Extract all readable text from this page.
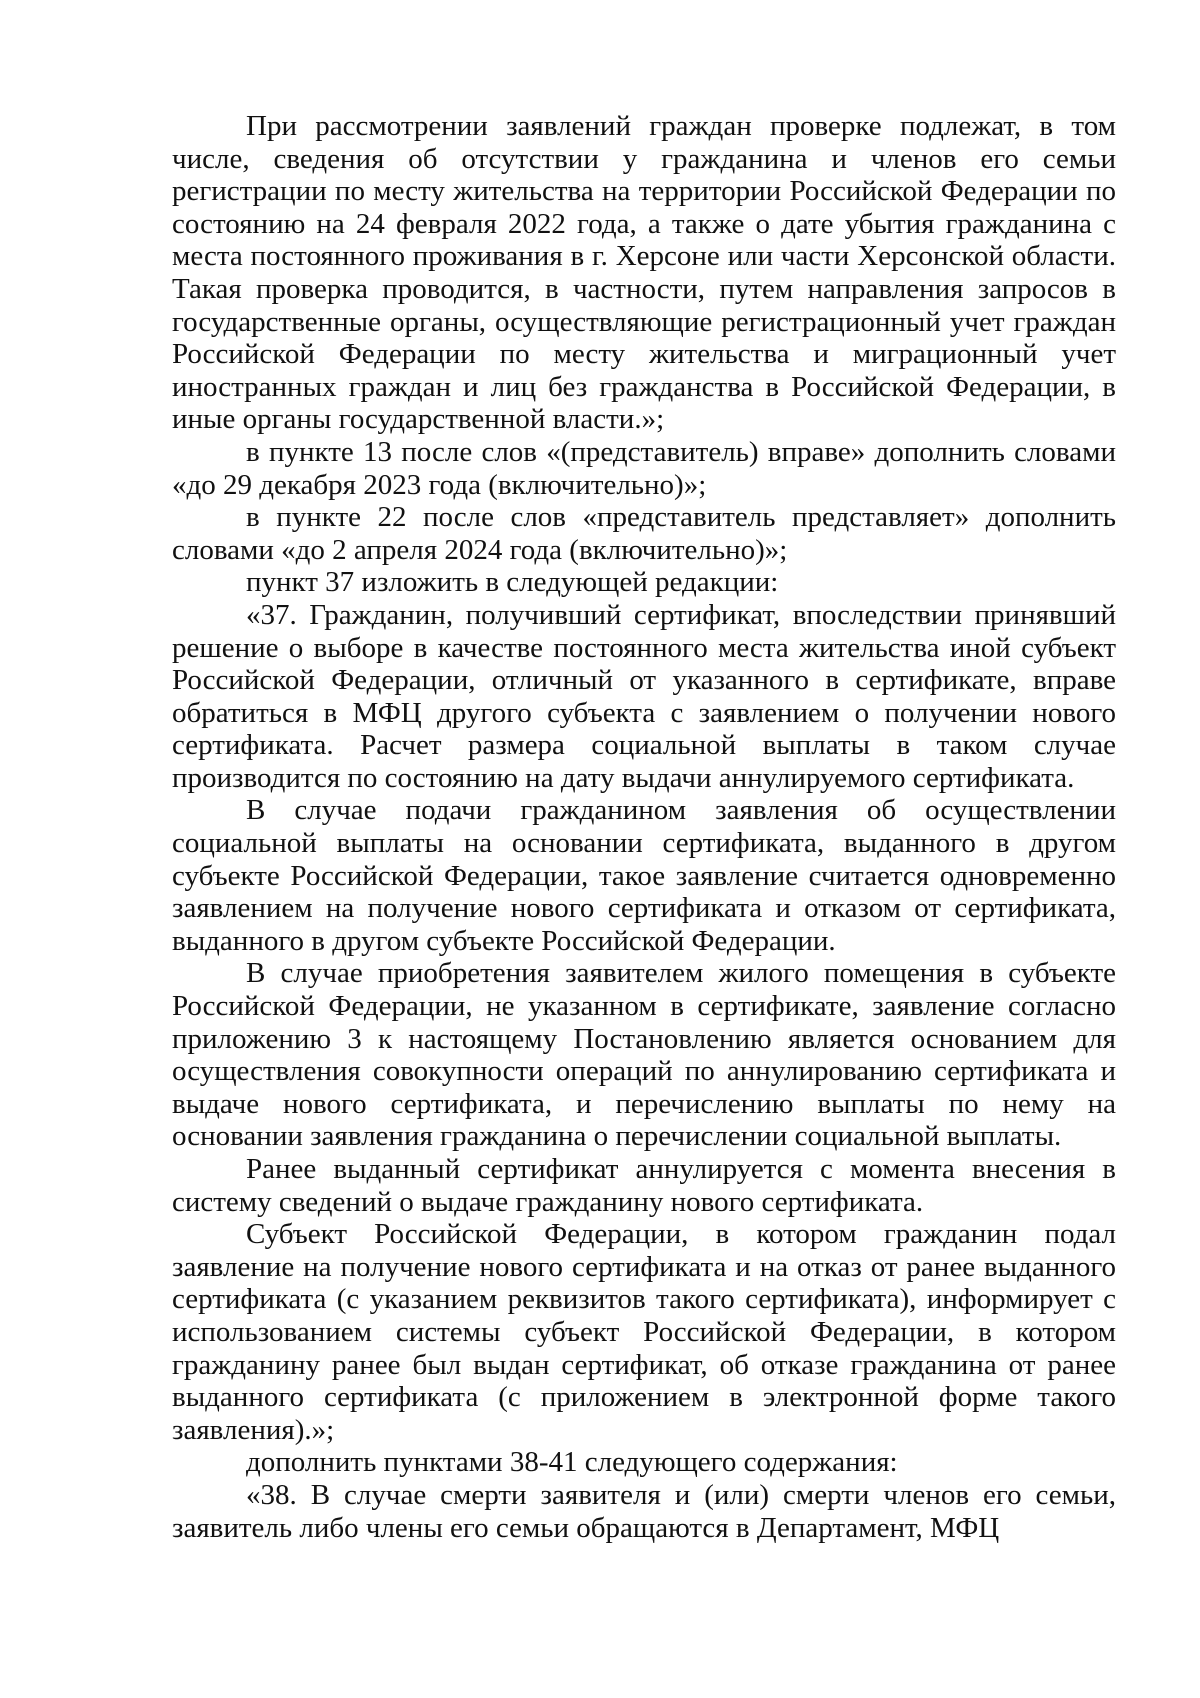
При рассмотрении заявлений граждан проверке подлежат, в том числе, сведения об отсутствии у гражданина и членов его семьи регистрации по месту жительства на территории Российской Федерации по состоянию на 24 февраля 2022 года, а также о дате убытия гражданина с места постоянного проживания в г. Херсоне или части Херсонской области. Такая проверка проводится, в частности, путем направления запросов в государственные органы, осуществляющие регистрационный учет граждан Российской Федерации по месту жительства и миграционный учет иностранных граждан и лиц без гражданства в Российской Федерации, в иные органы государственной власти.»;

в пункте 13 после слов «(представитель) вправе» дополнить словами «до 29 декабря 2023 года (включительно)»;

в пункте 22 после слов «представитель представляет» дополнить словами «до 2 апреля 2024 года (включительно)»;

пункт 37 изложить в следующей редакции:

«37. Гражданин, получивший сертификат, впоследствии принявший решение о выборе в качестве постоянного места жительства иной субъект Российской Федерации, отличный от указанного в сертификате, вправе обратиться в МФЦ другого субъекта с заявлением о получении нового сертификата. Расчет размера социальной выплаты в таком случае производится по состоянию на дату выдачи аннулируемого сертификата.

В случае подачи гражданином заявления об осуществлении социальной выплаты на основании сертификата, выданного в другом субъекте Российской Федерации, такое заявление считается одновременно заявлением на получение нового сертификата и отказом от сертификата, выданного в другом субъекте Российской Федерации.

В случае приобретения заявителем жилого помещения в субъекте Российской Федерации, не указанном в сертификате, заявление согласно приложению 3 к настоящему Постановлению является основанием для осуществления совокупности операций по аннулированию сертификата и выдаче нового сертификата, и перечислению выплаты по нему на основании заявления гражданина о перечислении социальной выплаты.

Ранее выданный сертификат аннулируется с момента внесения в систему сведений о выдаче гражданину нового сертификата.

Субъект Российской Федерации, в котором гражданин подал заявление на получение нового сертификата и на отказ от ранее выданного сертификата (с указанием реквизитов такого сертификата), информирует с использованием системы субъект Российской Федерации, в котором гражданину ранее был выдан сертификат, об отказе гражданина от ранее выданного сертификата (с приложением в электронной форме такого заявления).»;

дополнить пунктами 38-41 следующего содержания:

«38. В случае смерти заявителя и (или) смерти членов его семьи, заявитель либо члены его семьи обращаются в Департамент, МФЦ
